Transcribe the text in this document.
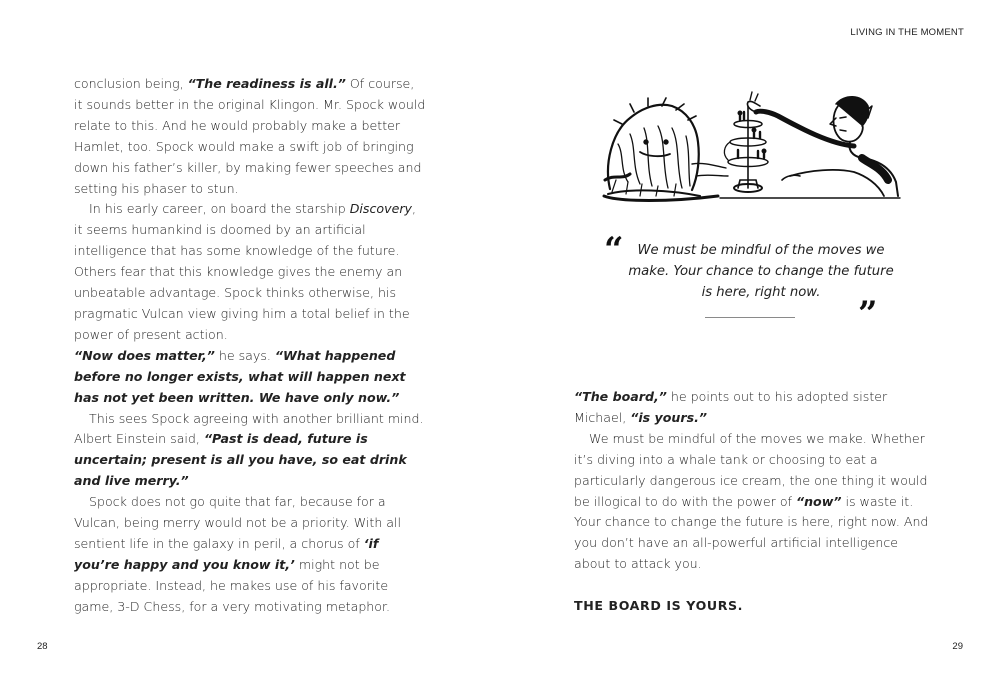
conclusion being, “The readiness is all.” Of course, it sounds better in the original Klingon. Mr. Spock would relate to this. And he would probably make a better Hamlet, too. Spock would make a swift job of bringing down his father’s killer, by making fewer speeches and setting his phaser to stun.

In his early career, on board the starship Discovery, it seems humankind is doomed by an artificial intelligence that has some knowledge of the future. Others fear that this knowledge gives the enemy an unbeatable advantage. Spock thinks otherwise, his pragmatic Vulcan view giving him a total belief in the power of present action.

“Now does matter,” he says. “What happened before no longer exists, what will happen next has not yet been written. We have only now.”

This sees Spock agreeing with another brilliant mind. Albert Einstein said, “Past is dead, future is uncertain; present is all you have, so eat drink and live merry.”

Spock does not go quite that far, because for a Vulcan, being merry would not be a priority. With all sentient life in the galaxy in peril, a chorus of ‘if you’re happy and you know it,’ might not be appropriate. Instead, he makes use of his favorite game, 3-D Chess, for a very motivating metaphor.

28
LIVING IN THE MOMENT
“	We must be mindful of the moves we make. Your chance to change the future is here, right now.
”

“The board,” he points out to his adopted sister Michael, “is yours.”

We must be mindful of the moves we make. Whether it’s diving into a whale tank or choosing to eat a particularly dangerous ice cream, the one thing it would be illogical to do with the power of “now” is waste it. Your chance to change the future is here, right now. And you don’t have an all-powerful artificial intelligence about to attack you.

THE BOARD IS YOURS.

29
